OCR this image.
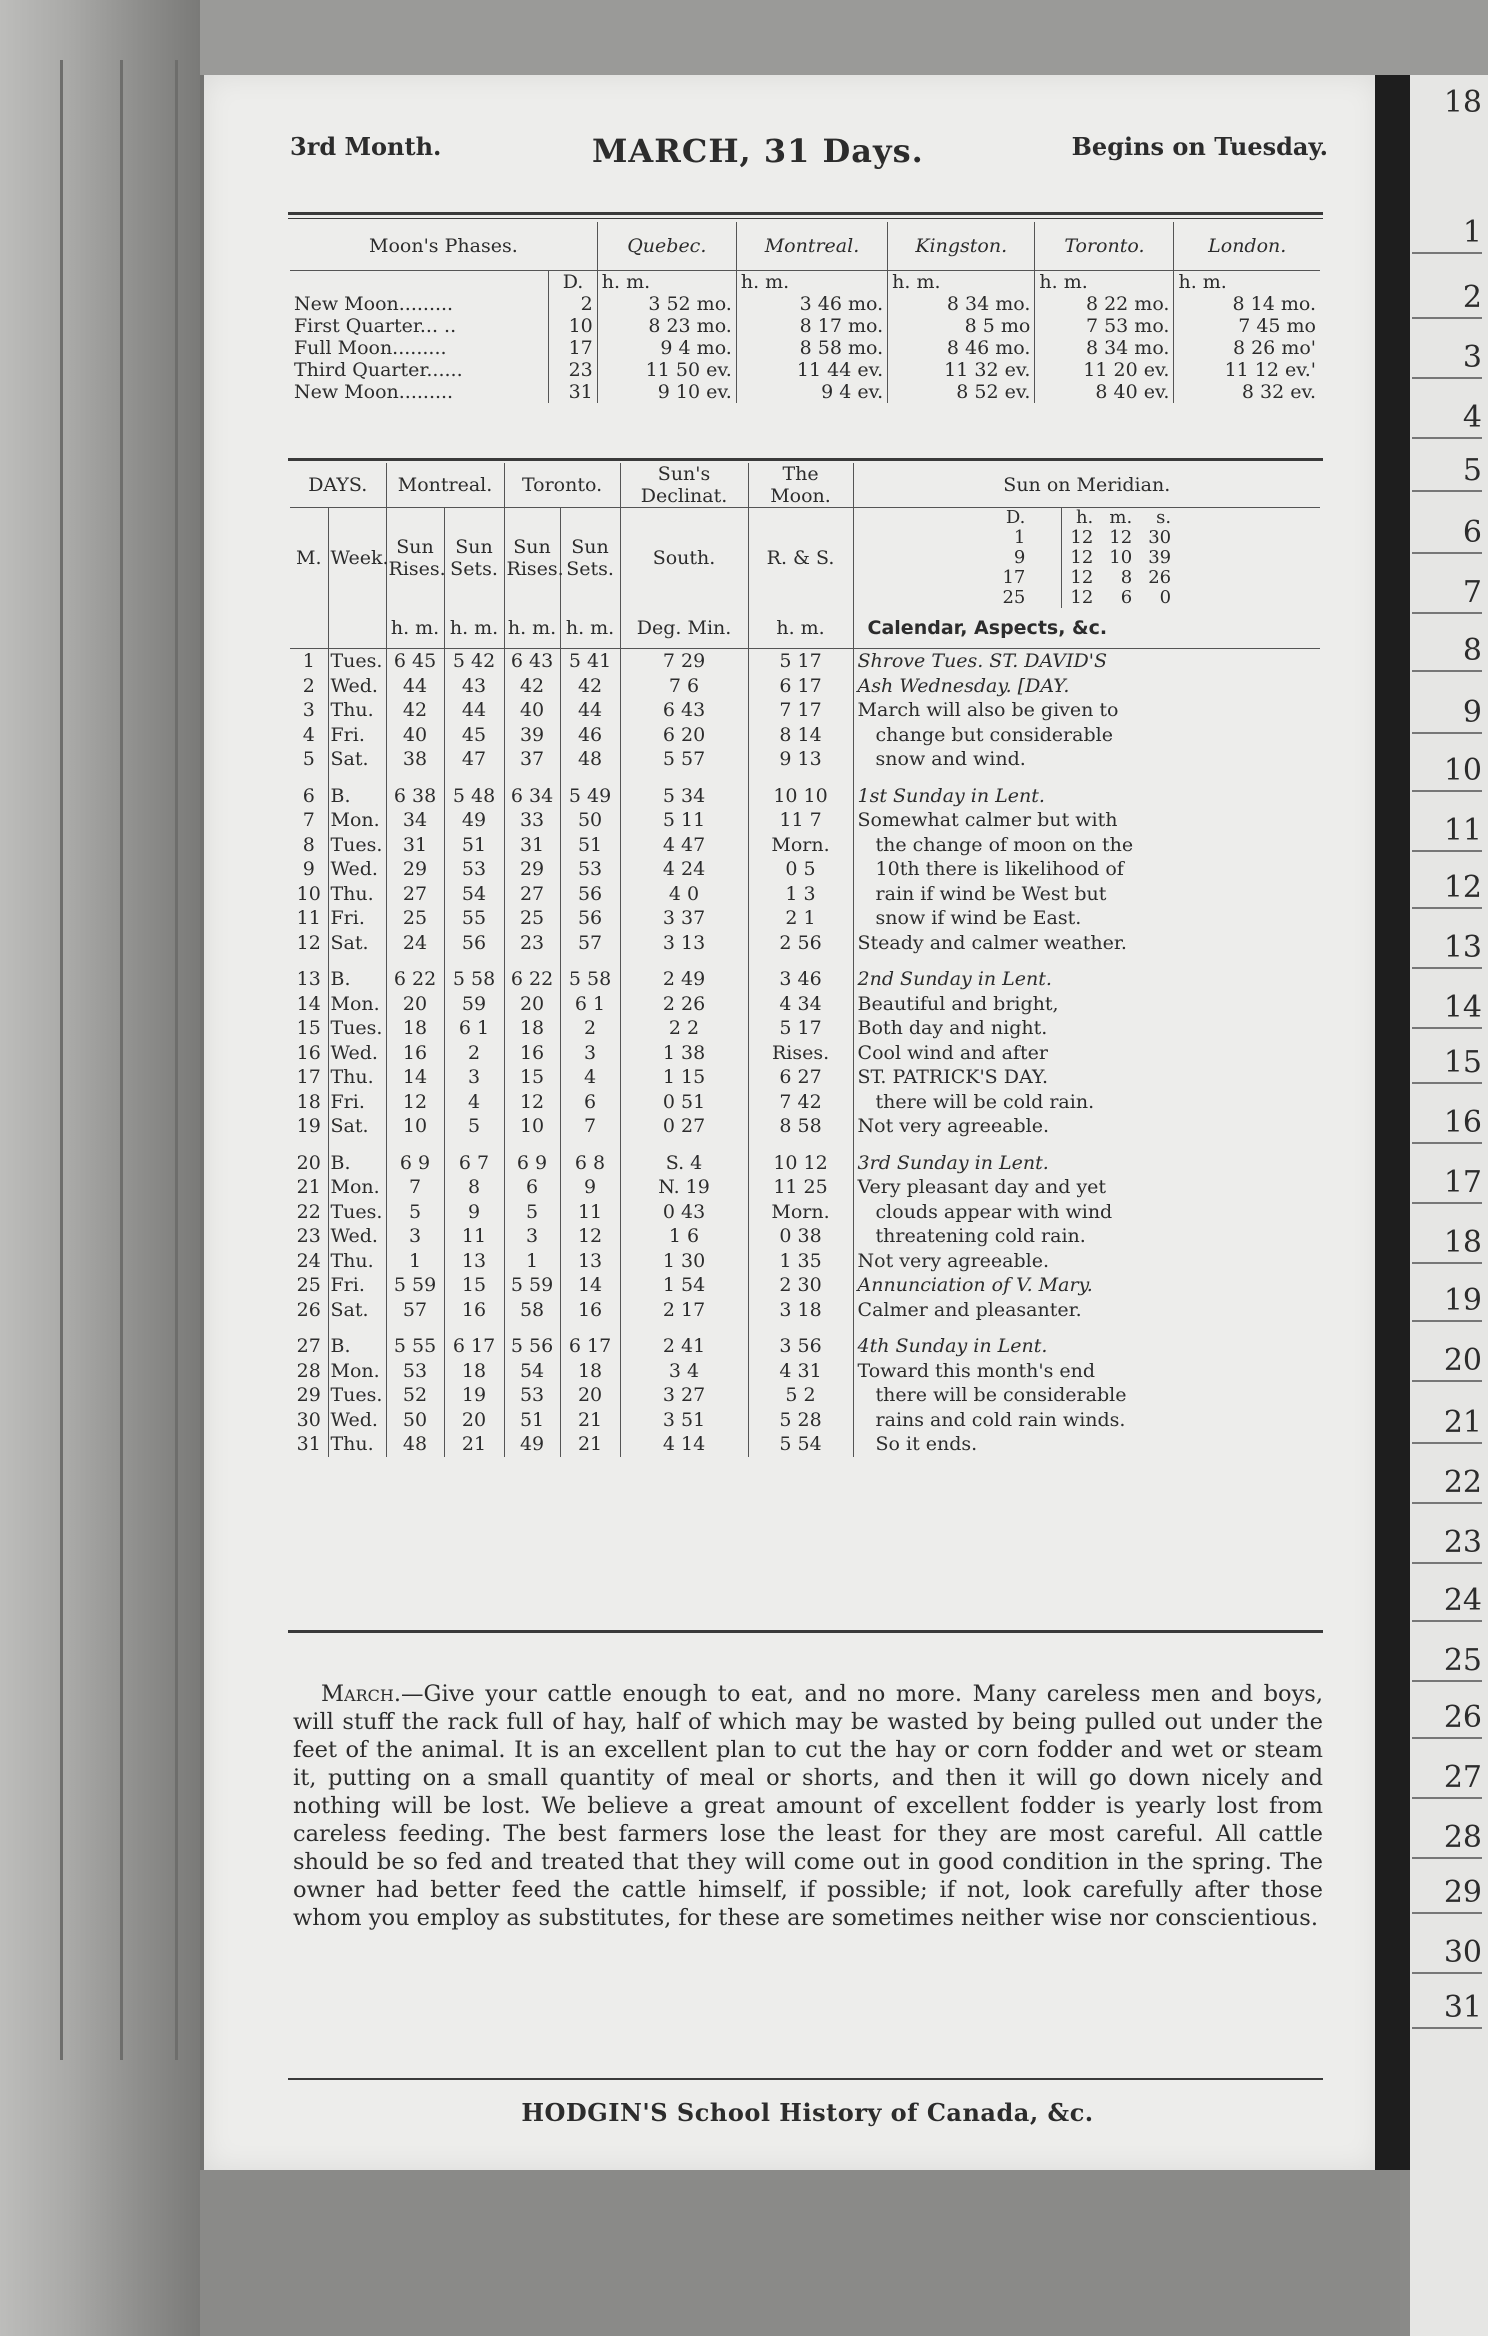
18
1
2
3
4
5
6
7
8
9
10
11
12
13
14
15
16
17
18
19
20
21
22
23
24
25
26
27
28
29
30
31
3rd Month.	MARCH, 31 Days.	Begins on Tuesday.
Moon's Phases.		Quebec.	Montreal.	Kingston.	Toronto.	London.
	D.	h. m.	h. m.	h. m.	h. m.	h. m.
New Moon.........	2	3 52 mo.	3 46 mo.	8 34 mo.	8 22 mo.	8 14 mo.
First Quarter... ..	10	8 23 mo.	8 17 mo.	8 5 mo	7 53 mo.	7 45 mo
Full Moon.........	17	9 4 mo.	8 58 mo.	8 46 mo.	8 34 mo.	8 26 mo'
Third Quarter......	23	11 50 ev.	11 44 ev.	11 32 ev.	11 20 ev.	11 12 ev.'
New Moon.........	31	9 10 ev.	9 4 ev.	8 52 ev.	8 40 ev.	8 32 ev.
DAYS.	Montreal.	Toronto.	Sun's Declinat.	The Moon.	Sun on Meridian.
M.	Week.	Sun Rises.	Sun Sets.	Sun Rises.	Sun Sets.	South.	R. & S.	
D.	h.	m.	s.
1	12	12	30
9	12	10	39
17	12	8	26
25	12	6	0

		h. m.	h. m.	h. m.	h. m.	Deg. Min.	h. m.	Calendar, Aspects, &c.
1	Tues.	6 45	5 42	6 43	5 41	7 29	5 17	Shrove Tues. ST. DAVID'S
2	Wed.	44	43	42	42	7 6	6 17	Ash Wednesday. [DAY.
3	Thu.	42	44	40	44	6 43	7 17	March will also be given to
4	Fri.	40	45	39	46	6 20	8 14	change but considerable
5	Sat.	38	47	37	48	5 57	9 13	snow and wind.

6	B.	6 38	5 48	6 34	5 49	5 34	10 10	1st Sunday in Lent.
7	Mon.	34	49	33	50	5 11	11 7	Somewhat calmer but with
8	Tues.	31	51	31	51	4 47	Morn.	the change of moon on the
9	Wed.	29	53	29	53	4 24	0 5	10th there is likelihood of
10	Thu.	27	54	27	56	4 0	1 3	rain if wind be West but
11	Fri.	25	55	25	56	3 37	2 1	snow if wind be East.
12	Sat.	24	56	23	57	3 13	2 56	Steady and calmer weather.

13	B.	6 22	5 58	6 22	5 58	2 49	3 46	2nd Sunday in Lent.
14	Mon.	20	59	20	6 1	2 26	4 34	Beautiful and bright,
15	Tues.	18	6 1	18	2	2 2	5 17	Both day and night.
16	Wed.	16	2	16	3	1 38	Rises.	Cool wind and after
17	Thu.	14	3	15	4	1 15	6 27	ST. PATRICK'S DAY.
18	Fri.	12	4	12	6	0 51	7 42	there will be cold rain.
19	Sat.	10	5	10	7	0 27	8 58	Not very agreeable.

20	B.	6 9	6 7	6 9	6 8	S. 4	10 12	3rd Sunday in Lent.
21	Mon.	7	8	6	9	N. 19	11 25	Very pleasant day and yet
22	Tues.	5	9	5	11	0 43	Morn.	clouds appear with wind
23	Wed.	3	11	3	12	1 6	0 38	threatening cold rain.
24	Thu.	1	13	1	13	1 30	1 35	Not very agreeable.
25	Fri.	5 59	15	5 59	14	1 54	2 30	Annunciation of V. Mary.
26	Sat.	57	16	58	16	2 17	3 18	Calmer and pleasanter.

27	B.	5 55	6 17	5 56	6 17	2 41	3 56	4th Sunday in Lent.
28	Mon.	53	18	54	18	3 4	4 31	Toward this month's end
29	Tues.	52	19	53	20	3 27	5 2	there will be considerable
30	Wed.	50	20	51	21	3 51	5 28	rains and cold rain winds.
31	Thu.	48	21	49	21	4 14	5 54	So it ends.

March.—Give your cattle enough to eat, and no more. Many careless men and boys, will stuff the rack full of hay, half of which may be wasted by being pulled out under the feet of the animal. It is an excellent plan to cut the hay or corn fodder and wet or steam it, putting on a small quantity of meal or shorts, and then it will go down nicely and nothing will be lost. We believe a great amount of excellent fodder is yearly lost from careless feeding. The best farmers lose the least for they are most careful. All cattle should be so fed and treated that they will come out in good condition in the spring. The owner had better feed the cattle himself, if possible; if not, look carefully after those whom you employ as substitutes, for these are sometimes neither wise nor conscientious.

HODGIN'S School History of Canada, &c.
